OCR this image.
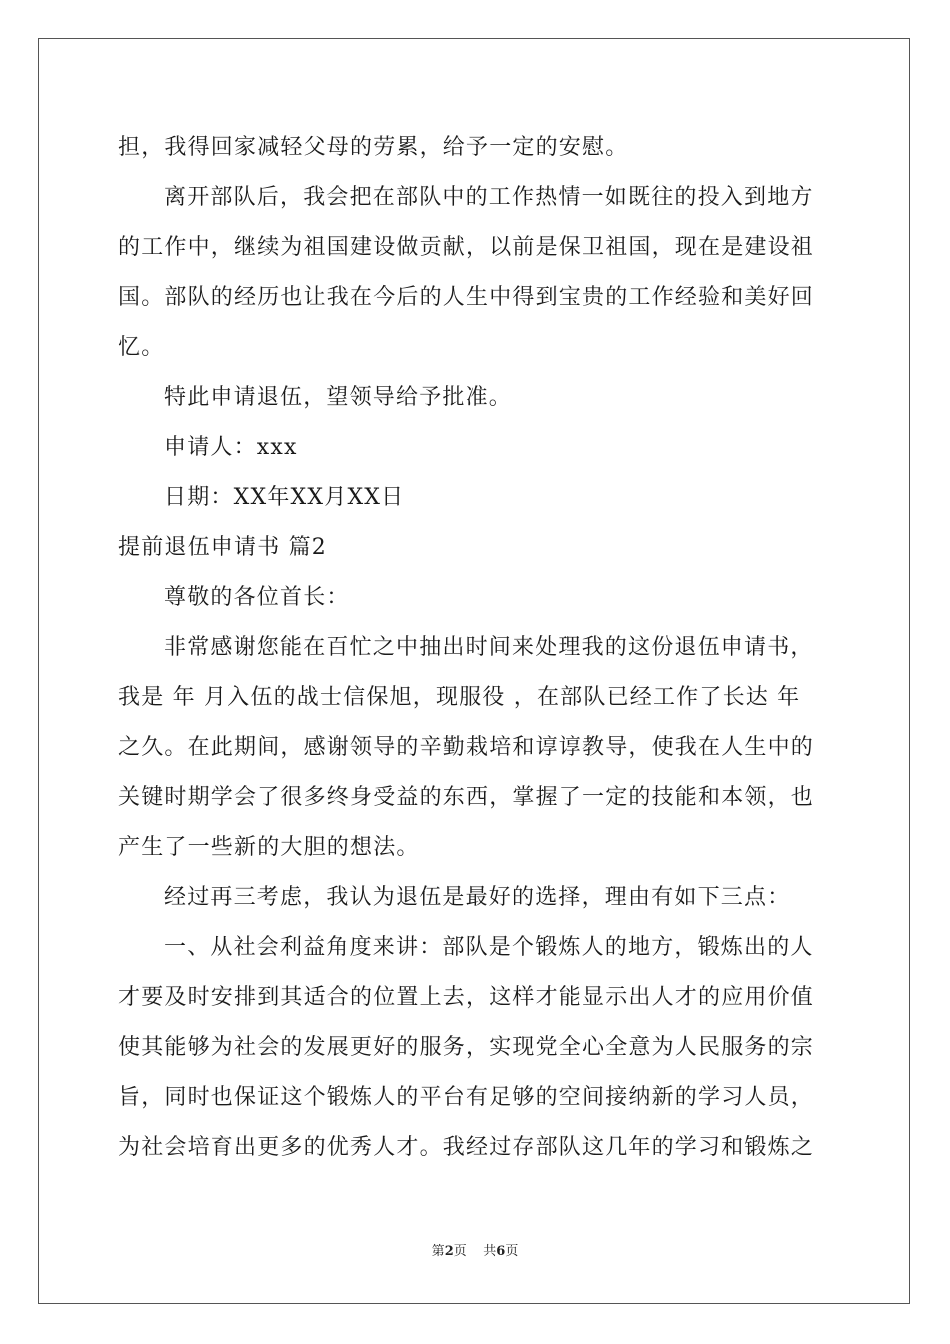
担，我得回家减轻父母的劳累，给予一定的安慰。
离开部队后，我会把在部队中的工作热情一如既往的投入到地方
的工作中，继续为祖国建设做贡献，以前是保卫祖国，现在是建设祖
国。部队的经历也让我在今后的人生中得到宝贵的工作经验和美好回
忆。
特此申请退伍，望领导给予批准。
申请人：xxx
日期：XX年XX月XX日
提前退伍申请书 篇2
尊敬的各位首长：
非常感谢您能在百忙之中抽出时间来处理我的这份退伍申请书，
我是 年 月入伍的战士信保旭，现服役 ，在部队已经工作了长达 年
之久。在此期间，感谢领导的辛勤栽培和谆谆教导，使我在人生中的
关键时期学会了很多终身受益的东西，掌握了一定的技能和本领，也
产生了一些新的大胆的想法。
经过再三考虑，我认为退伍是最好的选择，理由有如下三点：
一、从社会利益角度来讲：部队是个锻炼人的地方，锻炼出的人
才要及时安排到其适合的位置上去，这样才能显示出人才的应用价值
使其能够为社会的发展更好的服务，实现党全心全意为人民服务的宗
旨，同时也保证这个锻炼人的平台有足够的空间接纳新的学习人员，
为社会培育出更多的优秀人才。我经过存部队这几年的学习和锻炼之
第2页    共6页
